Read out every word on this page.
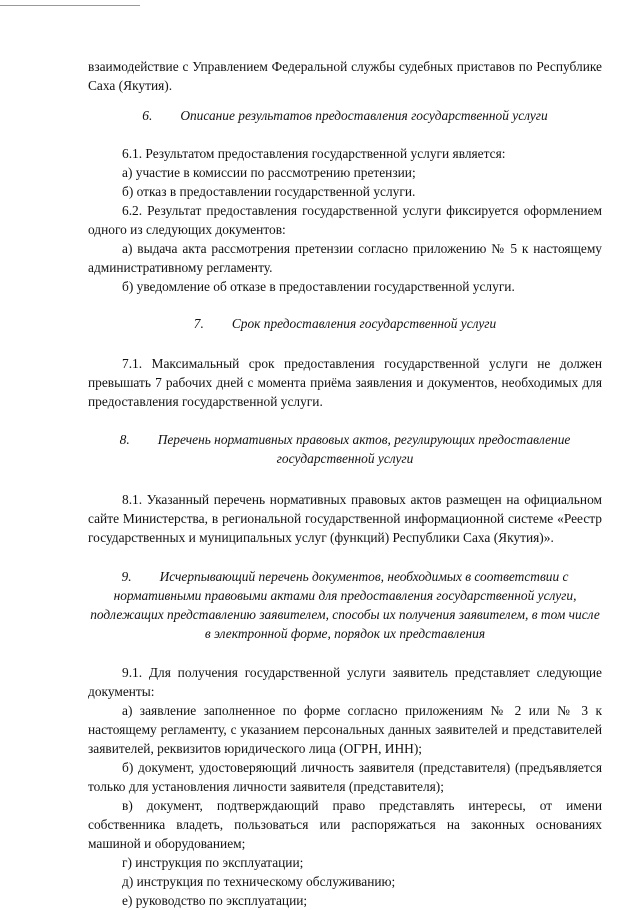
взаимодействие с Управлением Федеральной службы судебных приставов по Республике Саха (Якутия).

6. Описание результатов предоставления государственной услуги

6.1. Результатом предоставления государственной услуги является:

а) участие в комиссии по рассмотрению претензии;

б) отказ в предоставлении государственной услуги.

6.2. Результат предоставления государственной услуги фиксируется оформлением одного из следующих документов:

а) выдача акта рассмотрения претензии согласно приложению № 5 к настоящему административному регламенту.

б) уведомление об отказе в предоставлении государственной услуги.

7. Срок предоставления государственной услуги

7.1. Максимальный срок предоставления государственной услуги не должен превышать 7 рабочих дней с момента приёма заявления и документов, необходимых для предоставления государственной услуги.

8. Перечень нормативных правовых актов, регулирующих предоставление государственной услуги

8.1. Указанный перечень нормативных правовых актов размещен на официальном сайте Министерства, в региональной государственной информационной системе «Реестр государственных и муниципальных услуг (функций) Республики Саха (Якутия)».

9. Исчерпывающий перечень документов, необходимых в соответствии с нормативными правовыми актами для предоставления государственной услуги, подлежащих представлению заявителем, способы их получения заявителем, в том числе в электронной форме, порядок их представления

9.1. Для получения государственной услуги заявитель представляет следующие документы:

а) заявление заполненное по форме согласно приложениям № 2 или № 3 к настоящему регламенту, с указанием персональных данных заявителей и представителей заявителей, реквизитов юридического лица (ОГРН, ИНН);

б) документ, удостоверяющий личность заявителя (представителя) (предъявляется только для установления личности заявителя (представителя);

в) документ, подтверждающий право представлять интересы, от имени собственника владеть, пользоваться или распоряжаться на законных основаниях машиной и оборудованием;

г) инструкция по эксплуатации;

д) инструкция по техническому обслуживанию;

е) руководство по эксплуатации;
